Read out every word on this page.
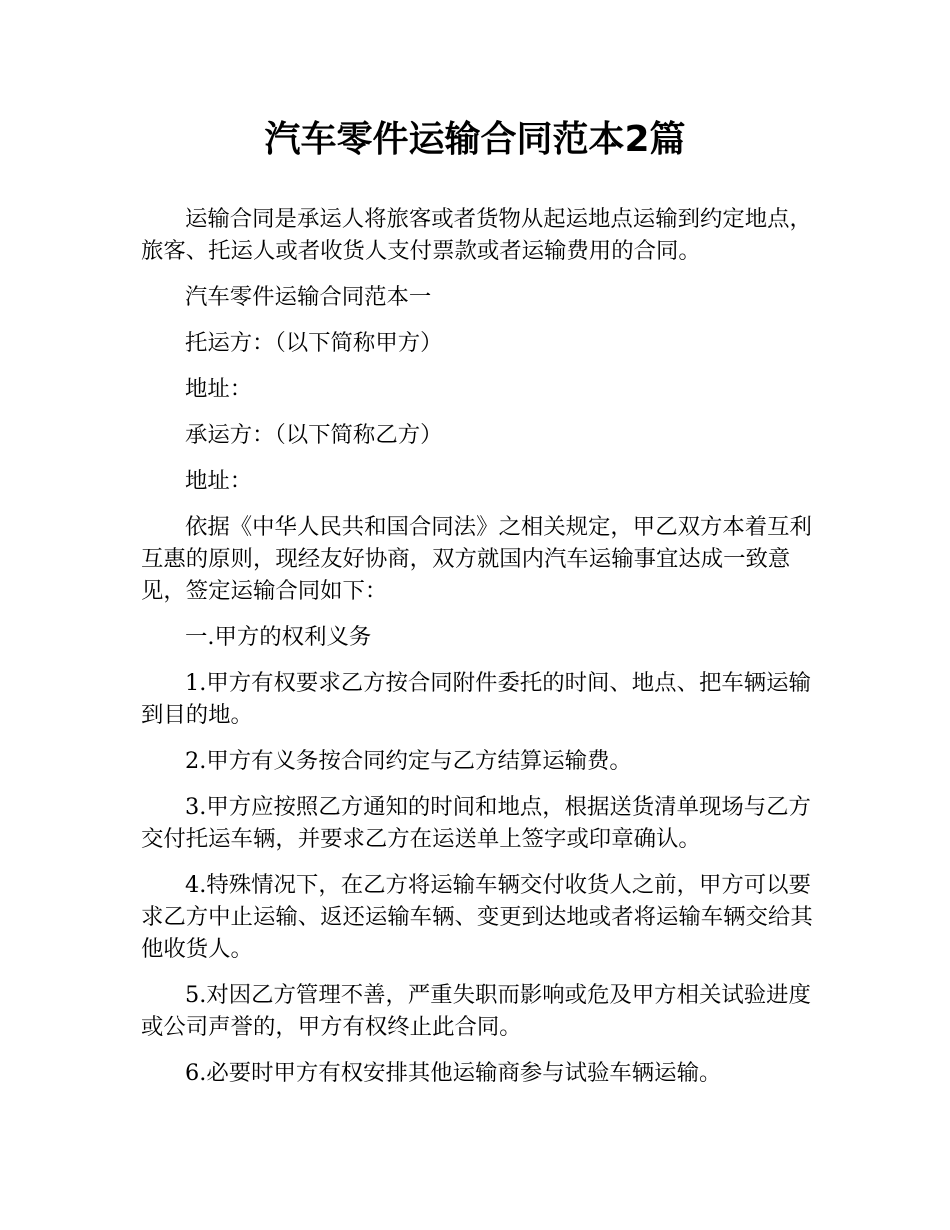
汽车零件运输合同范本2篇

运输合同是承运人将旅客或者货物从起运地点运输到约定地点，旅客、托运人或者收货人支付票款或者运输费用的合同。

汽车零件运输合同范本一

托运方：（以下简称甲方）

地址：

承运方：（以下简称乙方）

地址：

依据《中华人民共和国合同法》之相关规定，甲乙双方本着互利互惠的原则，现经友好协商，双方就国内汽车运输事宜达成一致意见，签定运输合同如下：

一.甲方的权利义务

1.甲方有权要求乙方按合同附件委托的时间、地点、把车辆运输到目的地。

2.甲方有义务按合同约定与乙方结算运输费。

3.甲方应按照乙方通知的时间和地点，根据送货清单现场与乙方交付托运车辆，并要求乙方在运送单上签字或印章确认。

4.特殊情况下，在乙方将运输车辆交付收货人之前，甲方可以要求乙方中止运输、返还运输车辆、变更到达地或者将运输车辆交给其他收货人。

5.对因乙方管理不善，严重失职而影响或危及甲方相关试验进度或公司声誉的，甲方有权终止此合同。

6.必要时甲方有权安排其他运输商参与试验车辆运输。
